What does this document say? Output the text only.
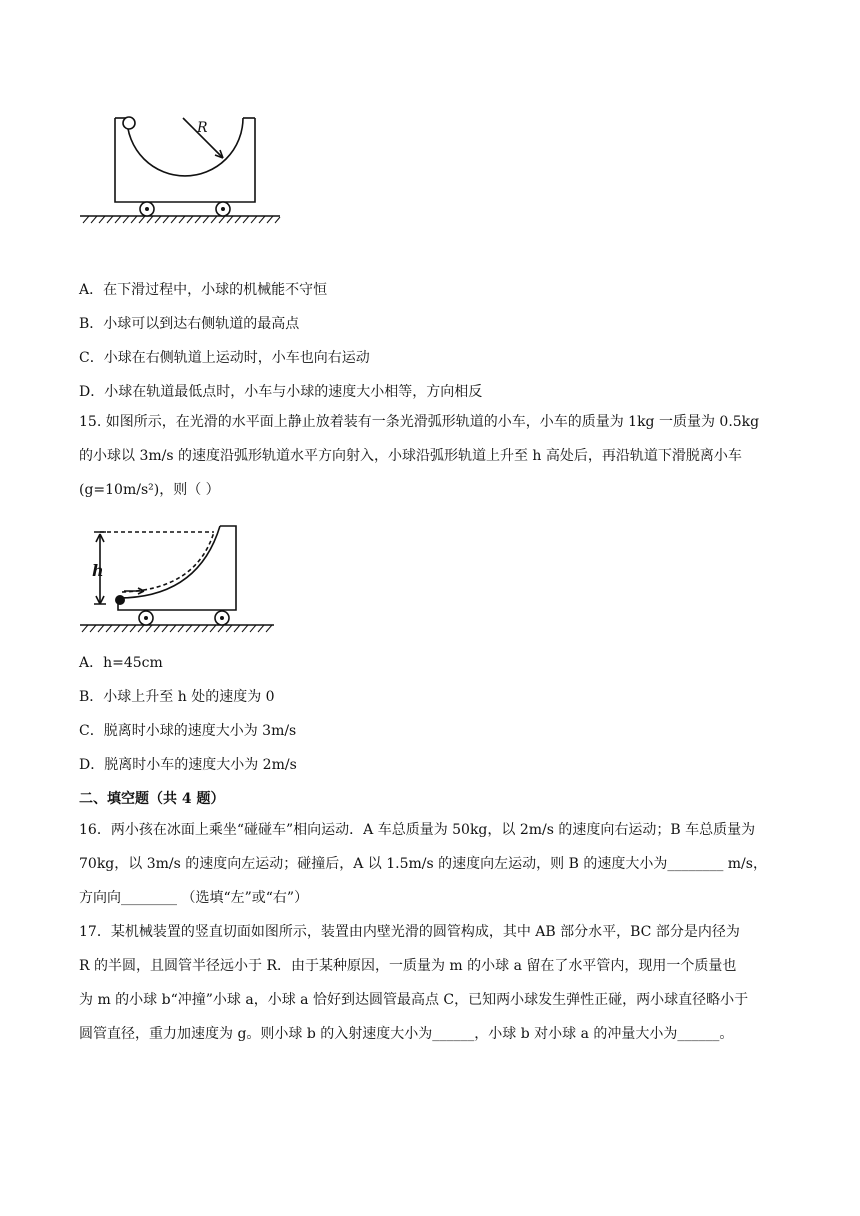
R
A．在下滑过程中，小球的机械能不守恒
B．小球可以到达右侧轨道的最高点
C．小球在右侧轨道上运动时，小车也向右运动
D．小球在轨道最低点时，小车与小球的速度大小相等，方向相反
15. 如图所示，在光滑的水平面上静止放着装有一条光滑弧形轨道的小车，小车的质量为 1kg 一质量为 0.5kg
的小球以 3m/s 的速度沿弧形轨道水平方向射入，小球沿弧形轨道上升至 h 高处后，再沿轨道下滑脱离小车
(g=10m/s²)，则（ ）
h
A．h=45cm
B．小球上升至 h 处的速度为 0
C．脱离时小球的速度大小为 3m/s
D．脱离时小车的速度大小为 2m/s
二、填空题（共 4 题）
16．两小孩在冰面上乘坐“碰碰车”相向运动．A 车总质量为 50kg，以 2m/s 的速度向右运动；B 车总质量为
70kg，以 3m/s 的速度向左运动；碰撞后，A 以 1.5m/s 的速度向左运动，则 B 的速度大小为________ m/s，
方向向________ （选填“左”或“右”）
17．某机械装置的竖直切面如图所示，装置由内壁光滑的圆管构成，其中 AB 部分水平，BC 部分是内径为
R 的半圆，且圆管半径远小于 R．由于某种原因，一质量为 m 的小球 a 留在了水平管内，现用一个质量也
为 m 的小球 b“冲撞”小球 a，小球 a 恰好到达圆管最高点 C，已知两小球发生弹性正碰，两小球直径略小于
圆管直径，重力加速度为 g。则小球 b 的入射速度大小为______，小球 b 对小球 a 的冲量大小为______。
